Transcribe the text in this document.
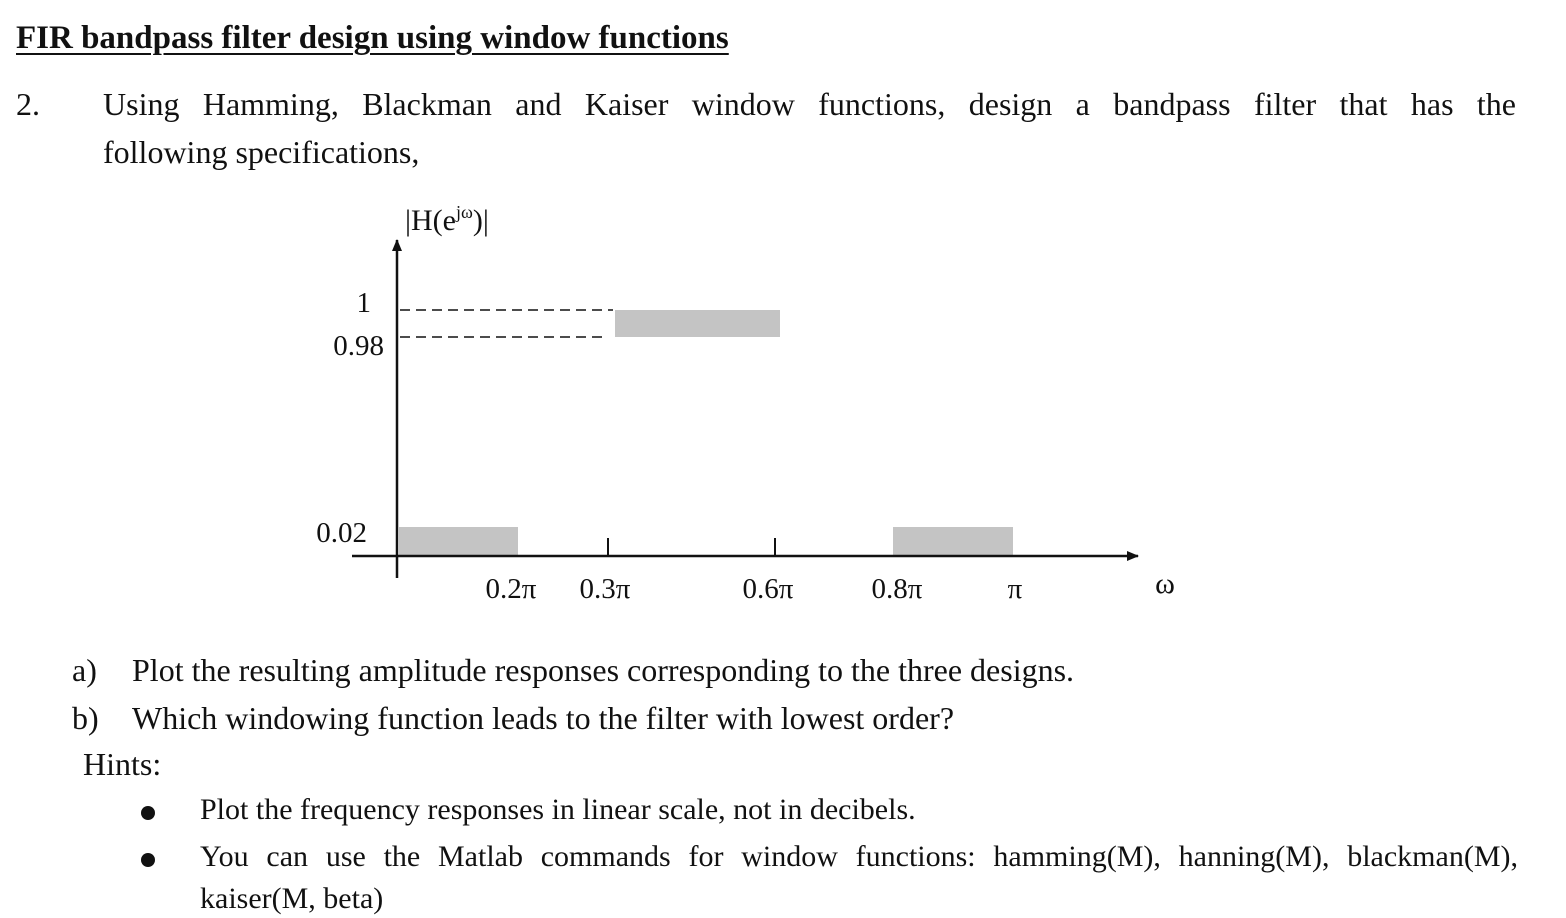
FIR bandpass filter design using window functions
2. Using Hamming, Blackman and Kaiser window functions, design a bandpass filter that has the
following specifications,
$|H(e^{j\omega})|$
1
0.98
0.02
0.2π 0.3π	0.6π	0.8π	π	ω
a) Plot the resulting amplitude responses corresponding to the three designs.
b) Which windowing function leads to the filter with lowest order?
Hints:
Plot the frequency responses in linear scale, not in decibels.
You can use the Matlab commands for window functions: hamming(M), hanning(M), blackman(M),
kaiser(M, beta)
